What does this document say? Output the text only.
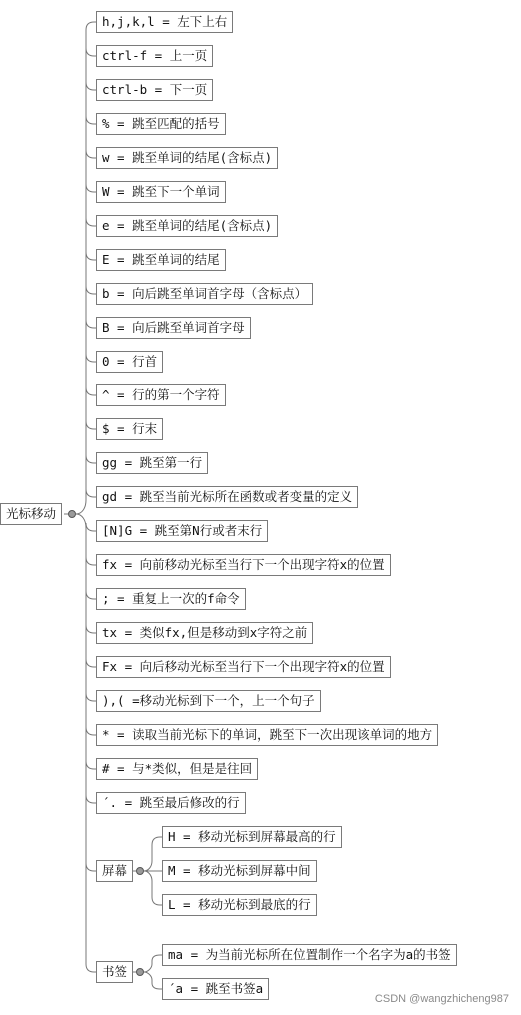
光标移动
h,j,k,l = 左下上右
ctrl-f = 上一页
ctrl-b = 下一页
% = 跳至匹配的括号
w = 跳至单词的结尾(含标点)
W = 跳至下一个单词
e = 跳至单词的结尾(含标点)
E = 跳至单词的结尾
b = 向后跳至单词首字母（含标点）
B = 向后跳至单词首字母
0 = 行首
^ = 行的第一个字符
$ = 行末
gg = 跳至第一行
gd = 跳至当前光标所在函数或者变量的定义
[N]G = 跳至第N行或者末行
fx = 向前移动光标至当行下一个出现字符x的位置
; = 重复上一次的f命令
tx = 类似fx,但是移动到x字符之前
Fx = 向后移动光标至当行下一个出现字符x的位置
),( =移动光标到下一个，上一个句子
* = 读取当前光标下的单词，跳至下一次出现该单词的地方
# = 与*类似，但是是往回
´. = 跳至最后修改的行
屏幕
H = 移动光标到屏幕最高的行
M = 移动光标到屏幕中间
L = 移动光标到最底的行
书签
ma = 为当前光标所在位置制作一个名字为a的书签
´a = 跳至书签a
CSDN @wangzhicheng987
